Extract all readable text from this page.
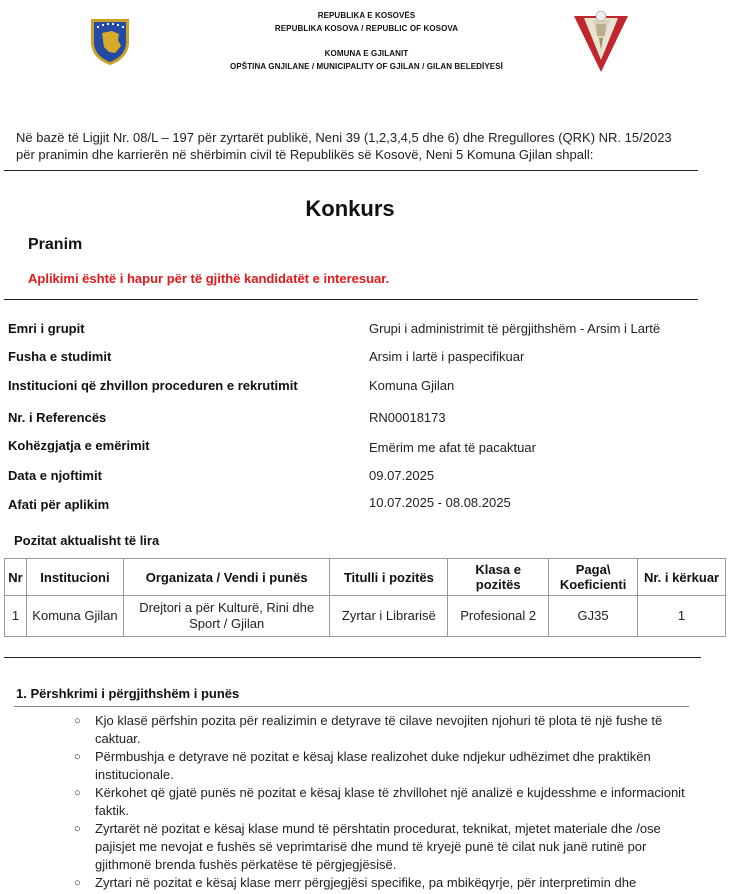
REPUBLIKA E KOSOVËS
REPUBLIKA KOSOVA / REPUBLIC OF KOSOVA
KOMUNA E GJILANIT
OPŠTINA GNJILANE / MUNICIPALITY OF GJILAN / GILAN BELEDİYESİ
Në bazë të Ligjit Nr. 08/L – 197 për zyrtarët publikë, Neni 39 (1,2,3,4,5 dhe 6) dhe Rregullores (QRK) NR. 15/2023
për pranimin dhe karrierën në shërbimin civil të Republikës së Kosovë, Neni 5 Komuna Gjilan shpall:
Konkurs
Pranim
Aplikimi është i hapur për të gjithë kandidatët e interesuar.
Emri i grupit	Grupi i administrimit të përgjithshëm - Arsim i Lartë
Fusha e studimit	Arsim i lartë i paspecifikuar
Institucioni që zhvillon proceduren e rekrutimit	Komuna Gjilan
Nr. i Referencës	RN00018173
Kohëzgjatja e emërimit	Emërim me afat të pacaktuar
Data e njoftimit	09.07.2025
Afati për aplikim	10.07.2025 - 08.08.2025
Pozitat aktualisht të lira
Nr	Institucioni	Organizata / Vendi i punës	Titulli i pozitës	Klasa e pozitës	Paga\ Koeficienti	Nr. i kërkuar
1	Komuna Gjilan	Drejtori a për Kulturë, Rini dhe Sport / Gjilan	Zyrtar i Librarisë	Profesional 2	GJ35	1
1. Përshkrimi i përgjithshëm i punës
○ Kjo klasë përfshin pozita për realizimin e detyrave të cilave nevojiten njohuri të plota të një fushe të caktuar.
○ Përmbushja e detyrave në pozitat e kësaj klase realizohet duke ndjekur udhëzimet dhe praktikën institucionale.
○ Kërkohet që gjatë punës në pozitat e kësaj klase të zhvillohet një analizë e kujdesshme e informacionit faktik.
○ Zyrtarët në pozitat e kësaj klase mund të përshtatin procedurat, teknikat, mjetet materiale dhe /ose pajisjet me nevojat e fushës së veprimtarisë dhe mund të kryejë punë të cilat nuk janë rutinë por gjithmonë brenda fushës përkatëse të përgjegjësisë.
○ Zyrtari në pozitat e kësaj klase merr përgjegjësi specifike, pa mbikëqyrje, për interpretimin dhe
